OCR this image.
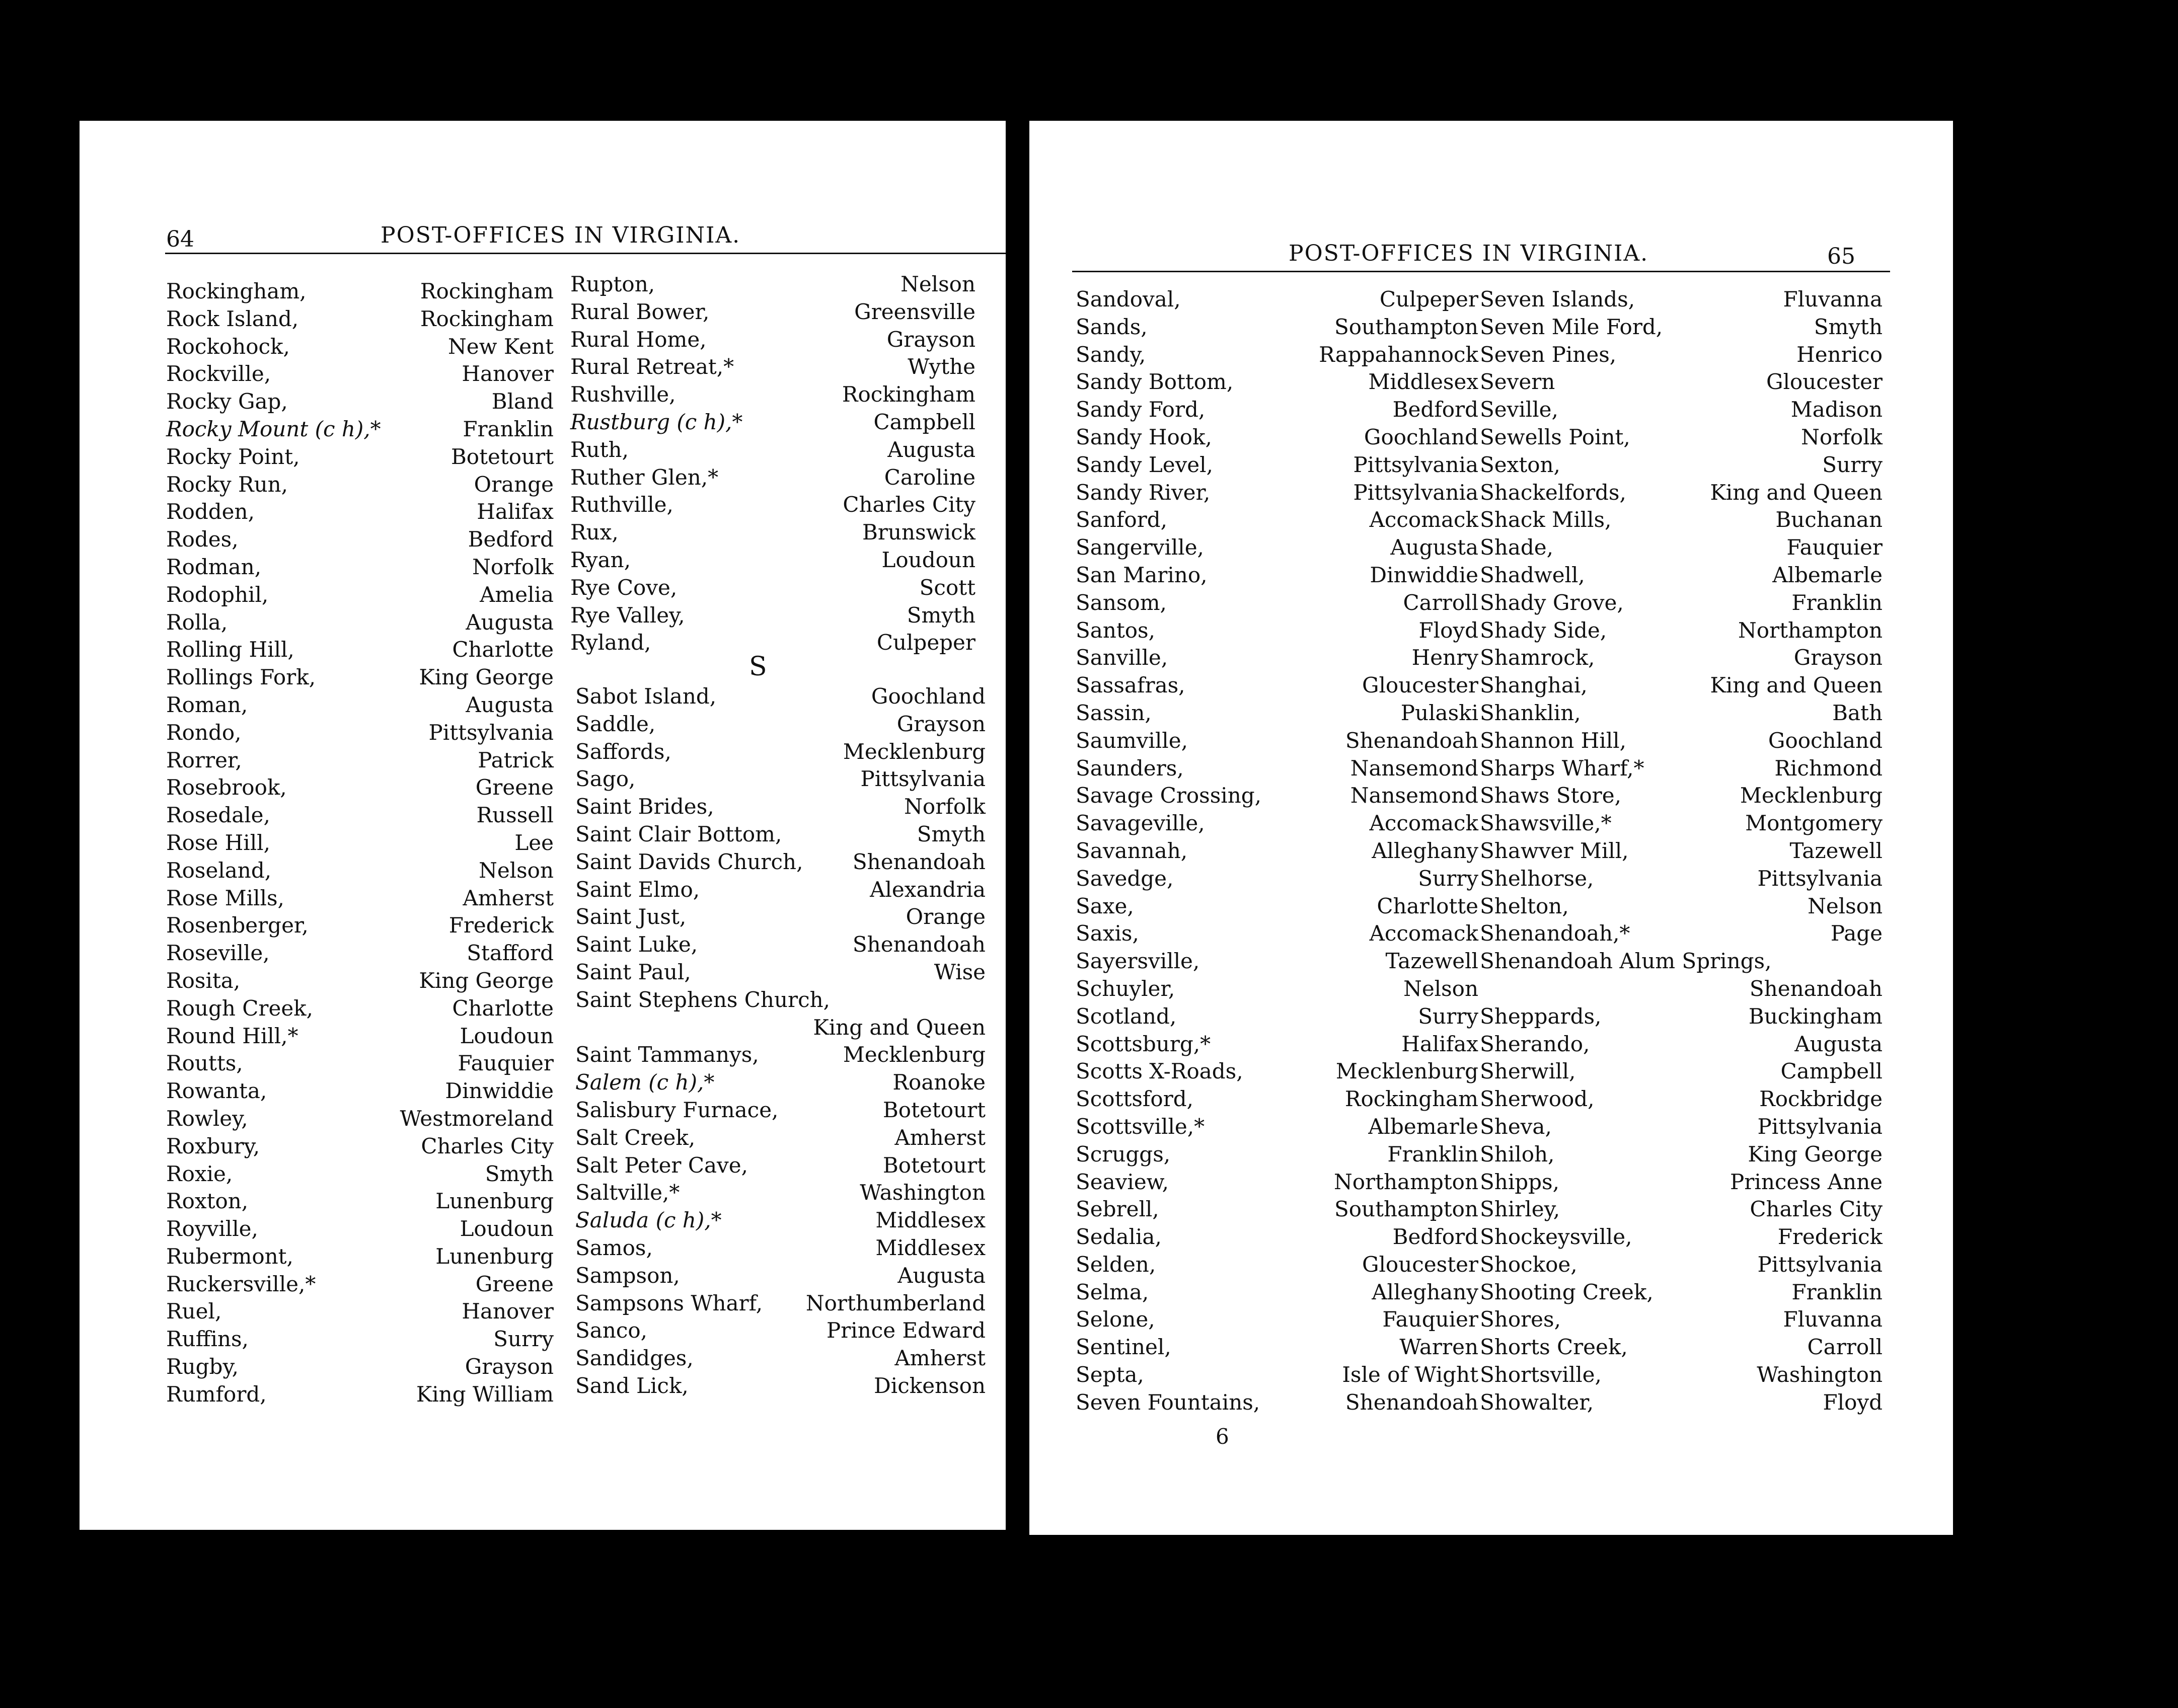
64	POST-OFFICES IN VIRGINIA.
Rockingham,	Rockingham
Rock Island,	Rockingham
Rockohock,	New Kent
Rockville,	Hanover
Rocky Gap,	Bland
Rocky Mount (c h),*	Franklin
Rocky Point,	Botetourt
Rocky Run,	Orange
Rodden,	Halifax
Rodes,	Bedford
Rodman,	Norfolk
Rodophil,	Amelia
Rolla,	Augusta
Rolling Hill,	Charlotte
Rollings Fork,	King George
Roman,	Augusta
Rondo,	Pittsylvania
Rorrer,	Patrick
Rosebrook,	Greene
Rosedale,	Russell
Rose Hill,	Lee
Roseland,	Nelson
Rose Mills,	Amherst
Rosenberger,	Frederick
Roseville,	Stafford
Rosita,	King George
Rough Creek,	Charlotte
Round Hill,*	Loudoun
Routts,	Fauquier
Rowanta,	Dinwiddie
Rowley,	Westmoreland
Roxbury,	Charles City
Roxie,	Smyth
Roxton,	Lunenburg
Royville,	Loudoun
Rubermont,	Lunenburg
Ruckersville,*	Greene
Ruel,	Hanover
Ruffins,	Surry
Rugby,	Grayson
Rumford,	King William
Rupton,	Nelson
Rural Bower,	Greensville
Rural Home,	Grayson
Rural Retreat,*	Wythe
Rushville,	Rockingham
Rustburg (c h),*	Campbell
Ruth,	Augusta
Ruther Glen,*	Caroline
Ruthville,	Charles City
Rux,	Brunswick
Ryan,	Loudoun
Rye Cove,	Scott
Rye Valley,	Smyth
Ryland,	Culpeper
S
Sabot Island,	Goochland
Saddle,	Grayson
Saffords,	Mecklenburg
Sago,	Pittsylvania
Saint Brides,	Norfolk
Saint Clair Bottom,	Smyth
Saint Davids Church, Shenandoah
Saint Elmo,	Alexandria
Saint Just,	Orange
Saint Luke,	Shenandoah
Saint Paul,	Wise
Saint Stephens Church,
King and Queen
Saint Tammanys,	Mecklenburg
Salem (c h),*	Roanoke
Salisbury Furnace,	Botetourt
Salt Creek,	Amherst
Salt Peter Cave,	Botetourt
Saltville,*	Washington
Saluda (c h),*	Middlesex
Samos,	Middlesex
Sampson,	Augusta
Sampsons Wharf, Northumberland
Sanco,	Prince Edward
Sandidges,	Amherst
Sand Lick,	Dickenson
POST-OFFICES IN VIRGINIA.	65
Sandoval,	Culpeper
Sands,	Southampton
Sandy,	Rappahannock
Sandy Bottom,	Middlesex
Sandy Ford,	Bedford
Sandy Hook,	Goochland
Sandy Level,	Pittsylvania
Sandy River,	Pittsylvania
Sanford,	Accomack
Sangerville,	Augusta
San Marino,	Dinwiddie
Sansom,	Carroll
Santos,	Floyd
Sanville,	Henry
Sassafras,	Gloucester
Sassin,	Pulaski
Saumville,	Shenandoah
Saunders,	Nansemond
Savage Crossing,	Nansemond
Savageville,	Accomack
Savannah,	Alleghany
Savedge,	Surry
Saxe,	Charlotte
Saxis,	Accomack
Sayersville,	Tazewell
Schuyler,	Nelson
Scotland,	Surry
Scottsburg,*	Halifax
Scotts X-Roads,	Mecklenburg
Scottsford,	Rockingham
Scottsville,*	Albemarle
Scruggs,	Franklin
Seaview,	Northampton
Sebrell,	Southampton
Sedalia,	Bedford
Selden,	Gloucester
Selma,	Alleghany
Selone,	Fauquier
Sentinel,	Warren
Septa,	Isle of Wight
Seven Fountains,	Shenandoah
Seven Islands,	Fluvanna
Seven Mile Ford,	Smyth
Seven Pines,	Henrico
Severn	Gloucester
Seville,	Madison
Sewells Point,	Norfolk
Sexton,	Surry
Shackelfords,	King and Queen
Shack Mills,	Buchanan
Shade,	Fauquier
Shadwell,	Albemarle
Shady Grove,	Franklin
Shady Side,	Northampton
Shamrock,	Grayson
Shanghai,	King and Queen
Shanklin,	Bath
Shannon Hill,	Goochland
Sharps Wharf,*	Richmond
Shaws Store,	Mecklenburg
Shawsville,*	Montgomery
Shawver Mill,	Tazewell
Shelhorse,	Pittsylvania
Shelton,	Nelson
Shenandoah,*	Page
Shenandoah Alum Springs,
Shenandoah
Sheppards,	Buckingham
Sherando,	Augusta
Sherwill,	Campbell
Sherwood,	Rockbridge
Sheva,	Pittsylvania
Shiloh,	King George
Shipps,	Princess Anne
Shirley,	Charles City
Shockeysville,	Frederick
Shockoe,	Pittsylvania
Shooting Creek,	Franklin
Shores,	Fluvanna
Shorts Creek,	Carroll
Shortsville,	Washington
Showalter,	Floyd
6
